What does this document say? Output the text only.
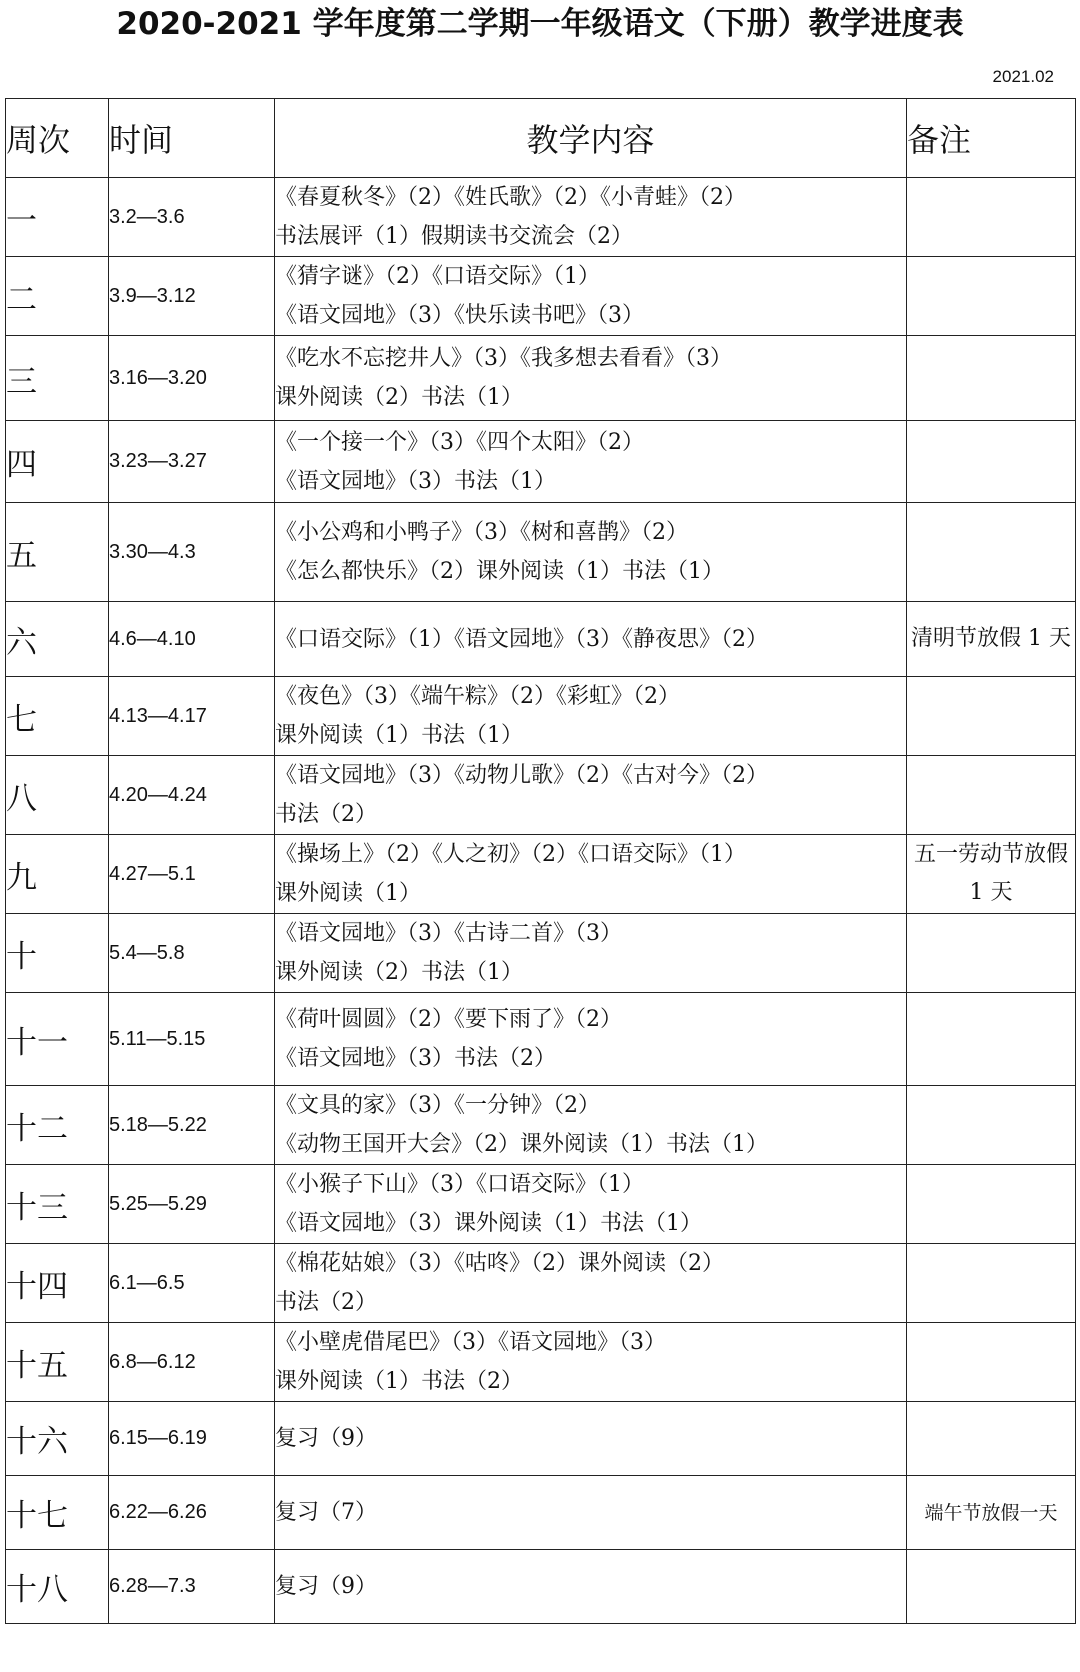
2020-2021 学年度第二学期一年级语文（下册）教学进度表
2021.02
周次	时间	教学内容	备注
一	3.2—3.6	《春夏秋冬》（2）《姓氏歌》（2）《小青蛙》（2）
书法展评（1）假期读书交流会（2）	

二	3.9—3.12	《猜字谜》（2）《口语交际》（1）
《语文园地》（3）《快乐读书吧》（3）	

三	3.16—3.20	《吃水不忘挖井人》（3）《我多想去看看》（3）
课外阅读（2）书法（1）	

四	3.23—3.27	《一个接一个》（3）《四个太阳》（2）
《语文园地》（3）书法（1）	

五	3.30—4.3	《小公鸡和小鸭子》（3）《树和喜鹊》（2）
《怎么都快乐》（2）课外阅读（1）书法（1）	

六	4.6—4.10	《口语交际》（1）《语文园地》（3）《静夜思》（2）	清明节放假 1 天
七	4.13—4.17	《夜色》（3）《端午粽》（2）《彩虹》（2）
课外阅读（1）书法（1）	

八	4.20—4.24	《语文园地》（3）《动物儿歌》（2）《古对今》（2）
书法（2）	

九	4.27—5.1	《操场上》（2）《人之初》（2）《口语交际》（1）
课外阅读（1）	五一劳动节放假 1 天
十	5.4—5.8	《语文园地》（3）《古诗二首》（3）
课外阅读（2）书法（1）	

十一	5.11—5.15	《荷叶圆圆》（2）《要下雨了》（2）
《语文园地》（3）书法（2）	

十二	5.18—5.22	《文具的家》（3）《一分钟》（2）
《动物王国开大会》（2）课外阅读（1）书法（1）	

十三	5.25—5.29	《小猴子下山》（3）《口语交际》（1）
《语文园地》（3）课外阅读（1）书法（1）	

十四	6.1—6.5	《棉花姑娘》（3）《咕咚》（2）课外阅读（2）
书法（2）	

十五	6.8—6.12	《小壁虎借尾巴》（3）《语文园地》（3）
课外阅读（1）书法（2）	

十六	6.15—6.19	复习（9）	

十七	6.22—6.26	复习（7）	端午节放假一天
十八	6.28—7.3	复习（9）	
